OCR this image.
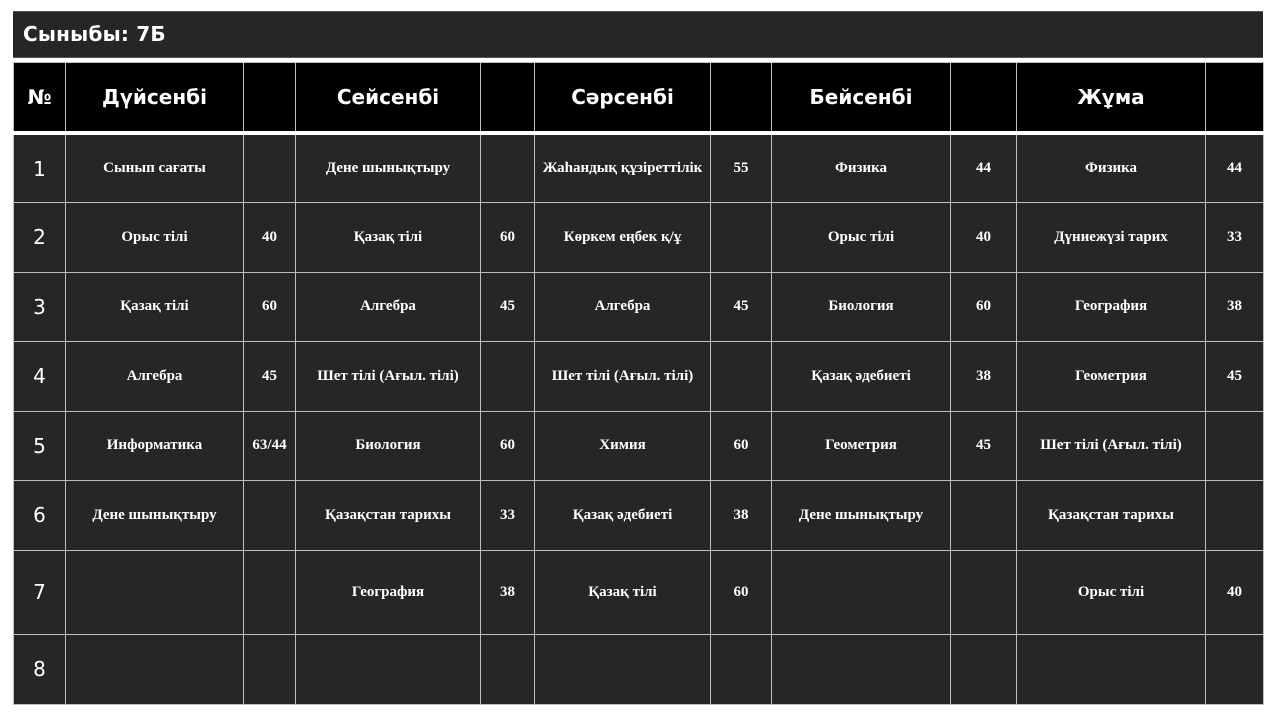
Сыныбы: 7Б
№	Дүйсенбі		Сейсенбі		Сәрсенбі		Бейсенбі		Жұма	
1	Сынып сағаты		Дене шынықтыру		Жаһандық құзіреттілік	55	Физика	44	Физика	44
2	Орыс тілі	40	Қазақ тілі	60	Көркем еңбек қ/ұ		Орыс тілі	40	Дүниежүзі тарих	33
3	Қазақ тілі	60	Алгебра	45	Алгебра	45	Биология	60	География	38
4	Алгебра	45	Шет тілі (Ағыл. тілі)		Шет тілі (Ағыл. тілі)		Қазақ әдебиеті	38	Геометрия	45
5	Информатика	63/44	Биология	60	Химия	60	Геометрия	45	Шет тілі (Ағыл. тілі)	
6	Дене шынықтыру		Қазақстан тарихы	33	Қазақ әдебиеті	38	Дене шынықтыру		Қазақстан тарихы	
7			География	38	Қазақ тілі	60			Орыс тілі	40
8										
